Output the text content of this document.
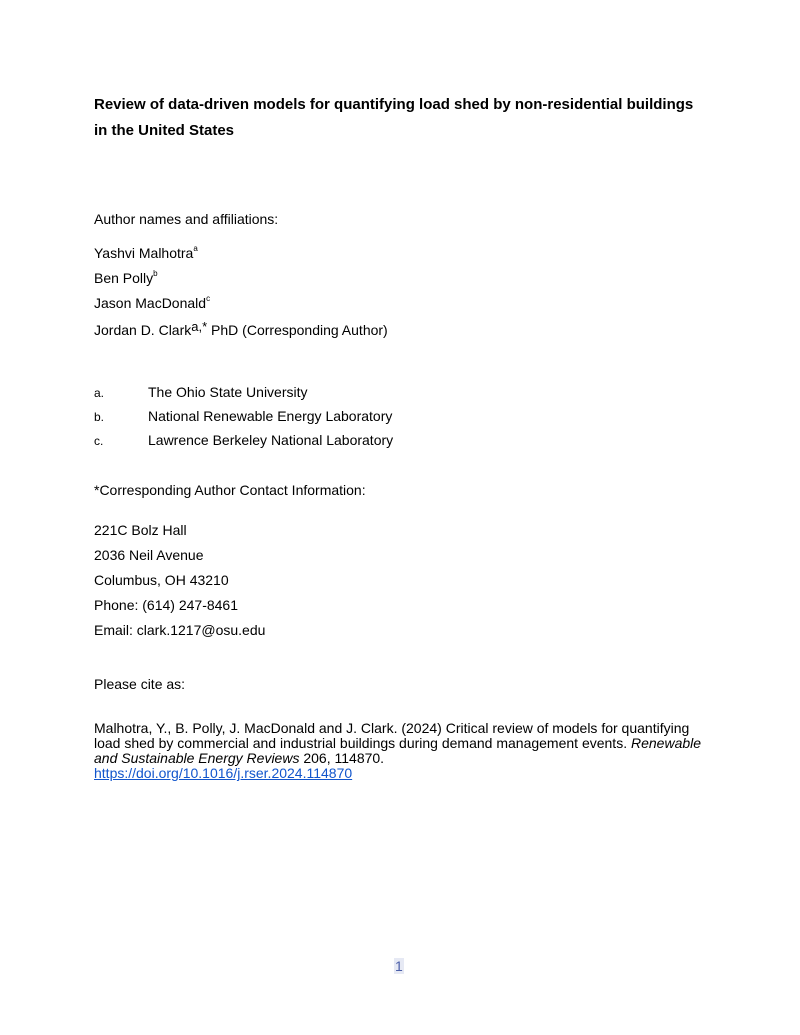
Review of data-driven models for quantifying load shed by non-residential buildings in the United States
Author names and affiliations:
Yashvi Malhotra$^a$
Ben Polly$^b$
Jason MacDonald$^c$
Jordan D. Clark$^{a,*}$ PhD (Corresponding Author)
a.	The Ohio State University
b.	National Renewable Energy Laboratory
c.	Lawrence Berkeley National Laboratory
*Corresponding Author Contact Information:
221C Bolz Hall
2036 Neil Avenue
Columbus, OH 43210
Phone: (614) 247-8461
Email: clark.1217@osu.edu
Please cite as:
Malhotra, Y., B. Polly, J. MacDonald and J. Clark. (2024) Critical review of models for quantifying load shed by commercial and industrial buildings during demand management events. Renewable and Sustainable Energy Reviews 206, 114870.
https://doi.org/10.1016/j.rser.2024.114870
1
